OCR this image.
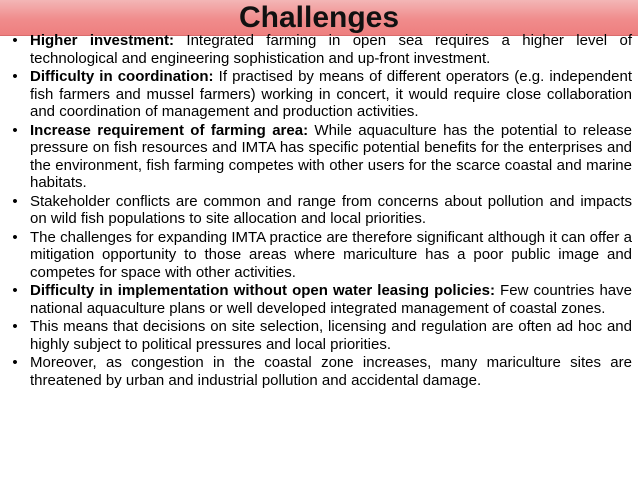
Challenges
• Higher investment: Integrated farming in open sea requires a higher level of technological and engineering sophistication and up-front investment.
• Difficulty in coordination: If practised by means of different operators (e.g. independent fish farmers and mussel farmers) working in concert, it would require close collaboration and coordination of management and production activities.
• Increase requirement of farming area: While aquaculture has the potential to release pressure on fish resources and IMTA has specific potential benefits for the enterprises and the environment, fish farming competes with other users for the scarce coastal and marine habitats.
• Stakeholder conflicts are common and range from concerns about pollution and impacts on wild fish populations to site allocation and local priorities.
• The challenges for expanding IMTA practice are therefore significant although it can offer a mitigation opportunity to those areas where mariculture has a poor public image and competes for space with other activities.
• Difficulty in implementation without open water leasing policies: Few countries have national aquaculture plans or well developed integrated management of coastal zones.
• This means that decisions on site selection, licensing and regulation are often ad hoc and highly subject to political pressures and local priorities.
• Moreover, as congestion in the coastal zone increases, many mariculture sites are threatened by urban and industrial pollution and accidental damage.
